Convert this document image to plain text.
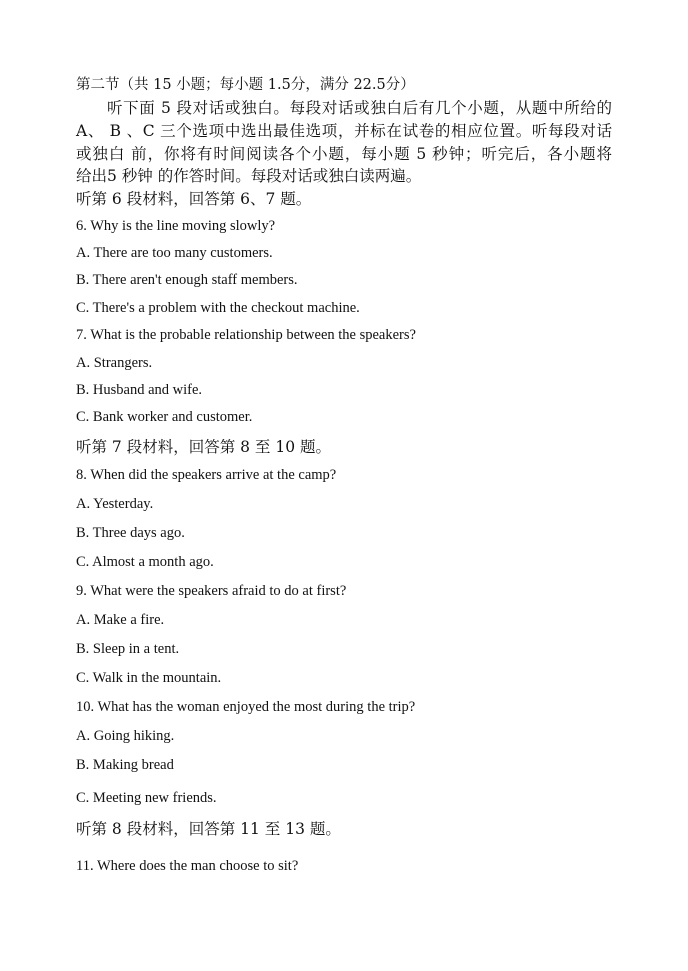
第二节（共 15 小题；每小题 1.5分，满分 22.5分）
听下面 5 段对话或独白。每段对话或独白后有几个小题，从题中所给的
A、 B 、C 三个选项中选出最佳选项，并标在试卷的相应位置。听每段对话
或独白 前，你将有时间阅读各个小题，每小题 5 秒钟；听完后，各小题将
给出5 秒钟 的作答时间。每段对话或独白读两遍。
听第 6 段材料，回答第 6、7 题。
6. Why is the line moving slowly?
A. There are too many customers.
B. There aren't enough staff members.
C. There's a problem with the checkout machine.
7. What is the probable relationship between the speakers?
A. Strangers.
B. Husband and wife.
C. Bank worker and customer.
听第 7 段材料，回答第 8 至 10 题。
8. When did the speakers arrive at the camp?
A. Yesterday.
B. Three days ago.
C. Almost a month ago.
9. What were the speakers afraid to do at first?
A. Make a fire.
B. Sleep in a tent.
C. Walk in the mountain.
10. What has the woman enjoyed the most during the trip?
A. Going hiking.
B. Making bread
C. Meeting new friends.
听第 8 段材料，回答第 11 至 13 题。
11. Where does the man choose to sit?
